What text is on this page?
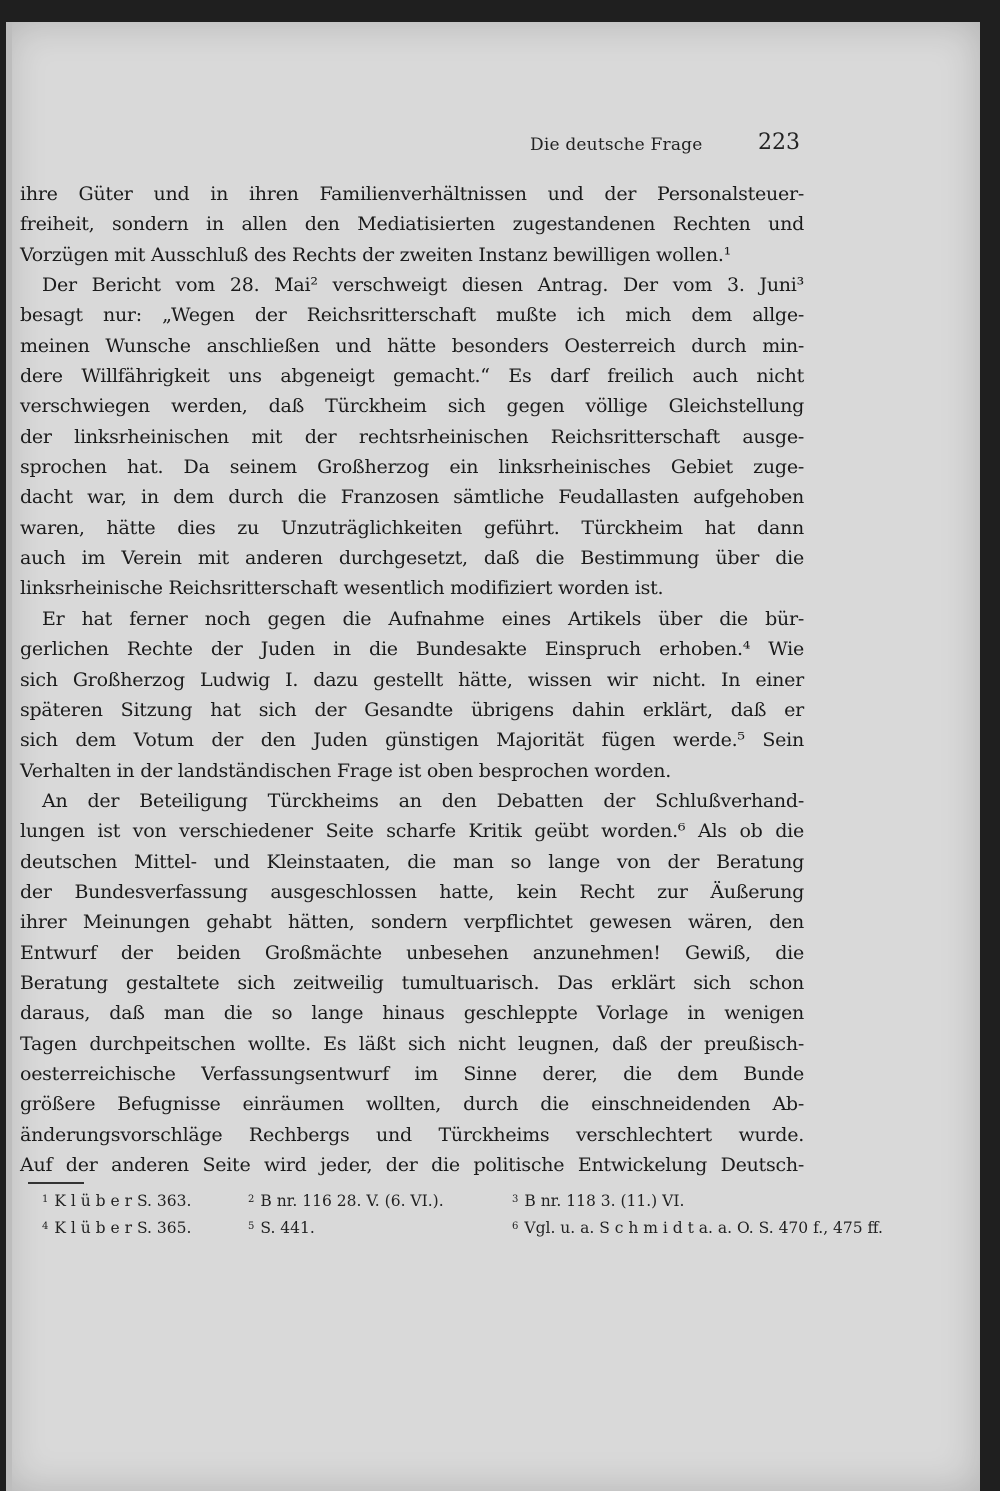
Die deutsche Frage	223
ihre Güter und in ihren Familienverhältnissen und der Personalsteuer-
freiheit, sondern in allen den Mediatisierten zugestandenen Rechten und
Vorzügen mit Ausschluß des Rechts der zweiten Instanz bewilligen wollen.¹
Der Bericht vom 28. Mai² verschweigt diesen Antrag. Der vom 3. Juni³
besagt nur: „Wegen der Reichsritterschaft mußte ich mich dem allge-
meinen Wunsche anschließen und hätte besonders Oesterreich durch min-
dere Willfährigkeit uns abgeneigt gemacht.“ Es darf freilich auch nicht
verschwiegen werden, daß Türckheim sich gegen völlige Gleichstellung
der linksrheinischen mit der rechtsrheinischen Reichsritterschaft ausge-
sprochen hat. Da seinem Großherzog ein linksrheinisches Gebiet zuge-
dacht war, in dem durch die Franzosen sämtliche Feudallasten aufgehoben
waren, hätte dies zu Unzuträglichkeiten geführt. Türckheim hat dann
auch im Verein mit anderen durchgesetzt, daß die Bestimmung über die
linksrheinische Reichsritterschaft wesentlich modifiziert worden ist.
Er hat ferner noch gegen die Aufnahme eines Artikels über die bür-
gerlichen Rechte der Juden in die Bundesakte Einspruch erhoben.⁴ Wie
sich Großherzog Ludwig I. dazu gestellt hätte, wissen wir nicht. In einer
späteren Sitzung hat sich der Gesandte übrigens dahin erklärt, daß er
sich dem Votum der den Juden günstigen Majorität fügen werde.⁵ Sein
Verhalten in der landständischen Frage ist oben besprochen worden.
An der Beteiligung Türckheims an den Debatten der Schlußverhand-
lungen ist von verschiedener Seite scharfe Kritik geübt worden.⁶ Als ob die
deutschen Mittel- und Kleinstaaten, die man so lange von der Beratung
der Bundesverfassung ausgeschlossen hatte, kein Recht zur Äußerung
ihrer Meinungen gehabt hätten, sondern verpflichtet gewesen wären, den
Entwurf der beiden Großmächte unbesehen anzunehmen! Gewiß, die
Beratung gestaltete sich zeitweilig tumultuarisch. Das erklärt sich schon
daraus, daß man die so lange hinaus geschleppte Vorlage in wenigen
Tagen durchpeitschen wollte. Es läßt sich nicht leugnen, daß der preußisch-
oesterreichische Verfassungsentwurf im Sinne derer, die dem Bunde
größere Befugnisse einräumen wollten, durch die einschneidenden Ab-
änderungsvorschläge Rechbergs und Türckheims verschlechtert wurde.
Auf der anderen Seite wird jeder, der die politische Entwickelung Deutsch-
$^1$ K l ü b e r S. 363.	$^2$ B nr. 116 28. V. (6. VI.).	$^3$ B nr. 118 3. (11.) VI.
$^4$ K l ü b e r S. 365.	$^5$ S. 441.	$^6$ Vgl. u. a. S c h m i d t a. a. O. S. 470 f., 475 ff.
